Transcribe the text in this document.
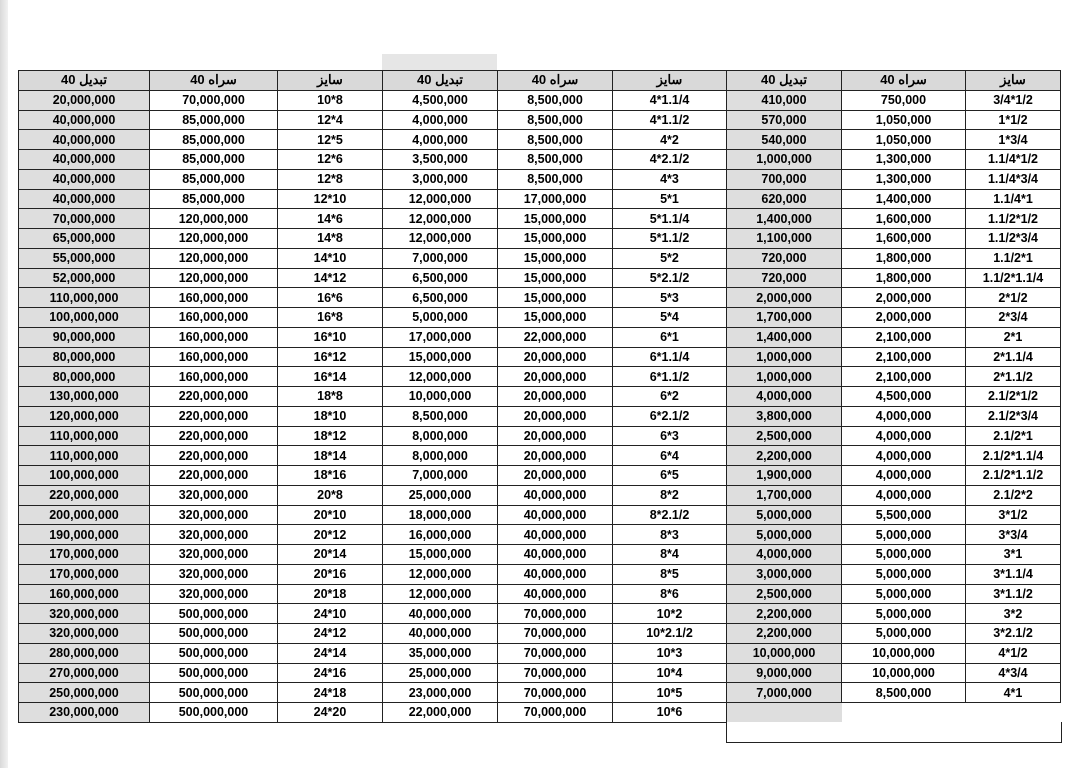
تبدیل 40	سراه 40	سایز	تبدیل 40	سراه 40	سایز	تبدیل 40	سراه 40	سایز
20,000,000	70,000,000	10*8	4,500,000	8,500,000	4*1.1/4	410,000	750,000	3/4*1/2
40,000,000	85,000,000	12*4	4,000,000	8,500,000	4*1.1/2	570,000	1,050,000	1*1/2
40,000,000	85,000,000	12*5	4,000,000	8,500,000	4*2	540,000	1,050,000	1*3/4
40,000,000	85,000,000	12*6	3,500,000	8,500,000	4*2.1/2	1,000,000	1,300,000	1.1/4*1/2
40,000,000	85,000,000	12*8	3,000,000	8,500,000	4*3	700,000	1,300,000	1.1/4*3/4
40,000,000	85,000,000	12*10	12,000,000	17,000,000	5*1	620,000	1,400,000	1.1/4*1
70,000,000	120,000,000	14*6	12,000,000	15,000,000	5*1.1/4	1,400,000	1,600,000	1.1/2*1/2
65,000,000	120,000,000	14*8	12,000,000	15,000,000	5*1.1/2	1,100,000	1,600,000	1.1/2*3/4
55,000,000	120,000,000	14*10	7,000,000	15,000,000	5*2	720,000	1,800,000	1.1/2*1
52,000,000	120,000,000	14*12	6,500,000	15,000,000	5*2.1/2	720,000	1,800,000	1.1/2*1.1/4
110,000,000	160,000,000	16*6	6,500,000	15,000,000	5*3	2,000,000	2,000,000	2*1/2
100,000,000	160,000,000	16*8	5,000,000	15,000,000	5*4	1,700,000	2,000,000	2*3/4
90,000,000	160,000,000	16*10	17,000,000	22,000,000	6*1	1,400,000	2,100,000	2*1
80,000,000	160,000,000	16*12	15,000,000	20,000,000	6*1.1/4	1,000,000	2,100,000	2*1.1/4
80,000,000	160,000,000	16*14	12,000,000	20,000,000	6*1.1/2	1,000,000	2,100,000	2*1.1/2
130,000,000	220,000,000	18*8	10,000,000	20,000,000	6*2	4,000,000	4,500,000	2.1/2*1/2
120,000,000	220,000,000	18*10	8,500,000	20,000,000	6*2.1/2	3,800,000	4,000,000	2.1/2*3/4
110,000,000	220,000,000	18*12	8,000,000	20,000,000	6*3	2,500,000	4,000,000	2.1/2*1
110,000,000	220,000,000	18*14	8,000,000	20,000,000	6*4	2,200,000	4,000,000	2.1/2*1.1/4
100,000,000	220,000,000	18*16	7,000,000	20,000,000	6*5	1,900,000	4,000,000	2.1/2*1.1/2
220,000,000	320,000,000	20*8	25,000,000	40,000,000	8*2	1,700,000	4,000,000	2.1/2*2
200,000,000	320,000,000	20*10	18,000,000	40,000,000	8*2.1/2	5,000,000	5,500,000	3*1/2
190,000,000	320,000,000	20*12	16,000,000	40,000,000	8*3	5,000,000	5,000,000	3*3/4
170,000,000	320,000,000	20*14	15,000,000	40,000,000	8*4	4,000,000	5,000,000	3*1
170,000,000	320,000,000	20*16	12,000,000	40,000,000	8*5	3,000,000	5,000,000	3*1.1/4
160,000,000	320,000,000	20*18	12,000,000	40,000,000	8*6	2,500,000	5,000,000	3*1.1/2
320,000,000	500,000,000	24*10	40,000,000	70,000,000	10*2	2,200,000	5,000,000	3*2
320,000,000	500,000,000	24*12	40,000,000	70,000,000	10*2.1/2	2,200,000	5,000,000	3*2.1/2
280,000,000	500,000,000	24*14	35,000,000	70,000,000	10*3	10,000,000	10,000,000	4*1/2
270,000,000	500,000,000	24*16	25,000,000	70,000,000	10*4	9,000,000	10,000,000	4*3/4
250,000,000	500,000,000	24*18	23,000,000	70,000,000	10*5	7,000,000	8,500,000	4*1
230,000,000	500,000,000	24*20	22,000,000	70,000,000	10*6			
